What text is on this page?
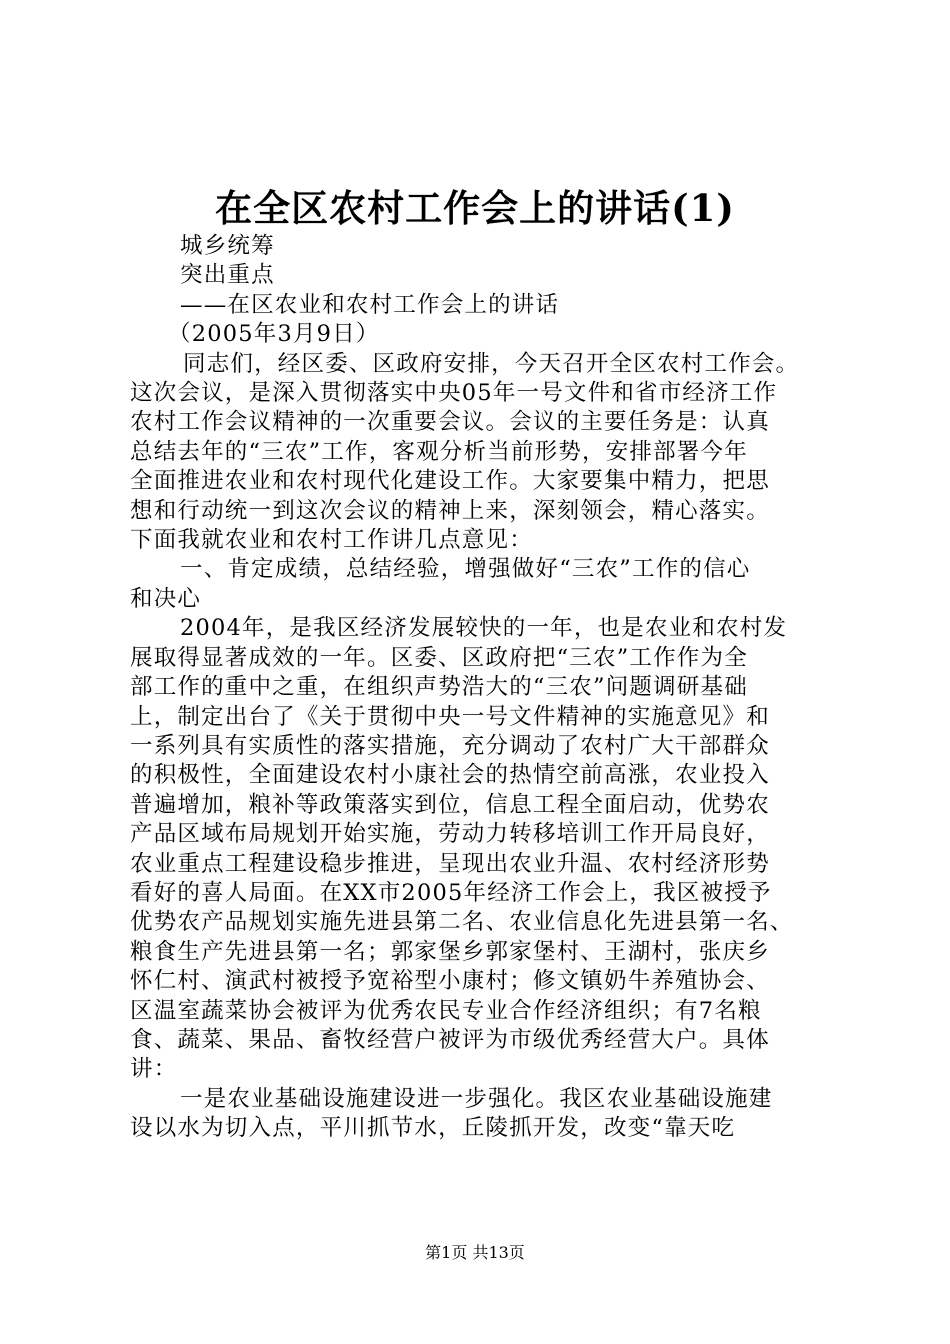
在全区农村工作会上的讲话(1)
城乡统筹
突出重点
——在区农业和农村工作会上的讲话
（2005年3月9日）
同志们，经区委、区政府安排，今天召开全区农村工作会。
这次会议，是深入贯彻落实中央05年一号文件和省市经济工作
农村工作会议精神的一次重要会议。会议的主要任务是：认真
总结去年的“三农”工作，客观分析当前形势，安排部署今年
全面推进农业和农村现代化建设工作。大家要集中精力，把思
想和行动统一到这次会议的精神上来，深刻领会，精心落实。
下面我就农业和农村工作讲几点意见：
一、肯定成绩，总结经验，增强做好“三农”工作的信心
和决心
2004年，是我区经济发展较快的一年，也是农业和农村发
展取得显著成效的一年。区委、区政府把“三农”工作作为全
部工作的重中之重，在组织声势浩大的“三农”问题调研基础
上，制定出台了《关于贯彻中央一号文件精神的实施意见》和
一系列具有实质性的落实措施，充分调动了农村广大干部群众
的积极性，全面建设农村小康社会的热情空前高涨，农业投入
普遍增加，粮补等政策落实到位，信息工程全面启动，优势农
产品区域布局规划开始实施，劳动力转移培训工作开局良好，
农业重点工程建设稳步推进，呈现出农业升温、农村经济形势
看好的喜人局面。在XX市2005年经济工作会上，我区被授予
优势农产品规划实施先进县第二名、农业信息化先进县第一名、
粮食生产先进县第一名；郭家堡乡郭家堡村、王湖村，张庆乡
怀仁村、演武村被授予宽裕型小康村；修文镇奶牛养殖协会、
区温室蔬菜协会被评为优秀农民专业合作经济组织；有7名粮
食、蔬菜、果品、畜牧经营户被评为市级优秀经营大户。具体
讲：
一是农业基础设施建设进一步强化。我区农业基础设施建
设以水为切入点，平川抓节水，丘陵抓开发，改变“靠天吃
第1页 共13页
